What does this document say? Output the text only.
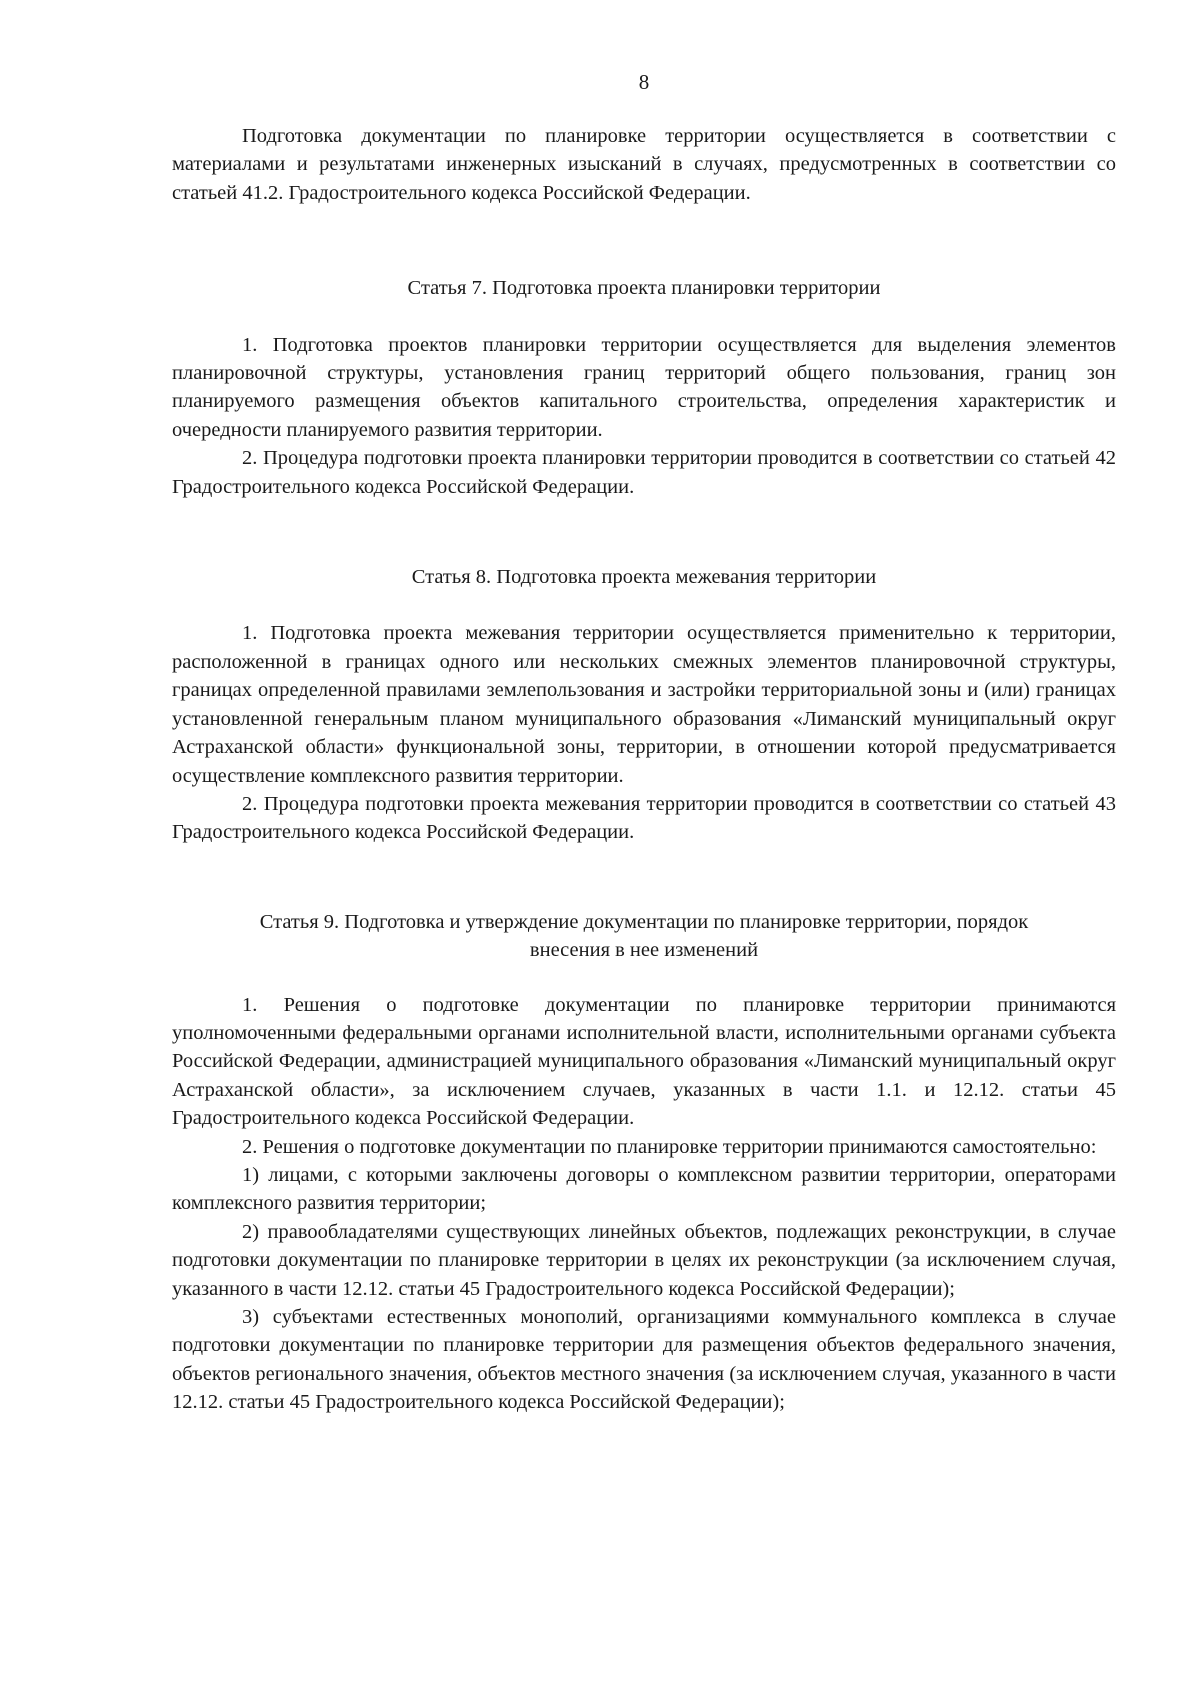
8

Подготовка документации по планировке территории осуществляется в соответствии с материалами и результатами инженерных изысканий в случаях, предусмотренных в соответствии со статьей 41.2. Градостроительного кодекса Российской Федерации.

Статья 7. Подготовка проекта планировки территории

1. Подготовка проектов планировки территории осуществляется для выделения элементов планировочной структуры, установления границ территорий общего пользования, границ зон планируемого размещения объектов капитального строительства, определения характеристик и очередности планируемого развития территории.

2. Процедура подготовки проекта планировки территории проводится в соответствии со статьей 42 Градостроительного кодекса Российской Федерации.

Статья 8. Подготовка проекта межевания территории

1. Подготовка проекта межевания территории осуществляется применительно к территории, расположенной в границах одного или нескольких смежных элементов планировочной структуры, границах определенной правилами землепользования и застройки территориальной зоны и (или) границах установленной генеральным планом муниципального образования «Лиманский муниципальный округ Астраханской области» функциональной зоны, территории, в отношении которой предусматривается осуществление комплексного развития территории.

2. Процедура подготовки проекта межевания территории проводится в соответствии со статьей 43 Градостроительного кодекса Российской Федерации.

Статья 9. Подготовка и утверждение документации по планировке территории, порядок
внесения в нее изменений

1. Решения о подготовке документации по планировке территории принимаются уполномоченными федеральными органами исполнительной власти, исполнительными органами субъекта Российской Федерации, администрацией муниципального образования «Лиманский муниципальный округ Астраханской области», за исключением случаев, указанных в части 1.1. и 12.12. статьи 45 Градостроительного кодекса Российской Федерации.

2. Решения о подготовке документации по планировке территории принимаются самостоятельно:

1) лицами, с которыми заключены договоры о комплексном развитии территории, операторами комплексного развития территории;

2) правообладателями существующих линейных объектов, подлежащих реконструкции, в случае подготовки документации по планировке территории в целях их реконструкции (за исключением случая, указанного в части 12.12. статьи 45 Градостроительного кодекса Российской Федерации);

3) субъектами естественных монополий, организациями коммунального комплекса в случае подготовки документации по планировке территории для размещения объектов федерального значения, объектов регионального значения, объектов местного значения (за исключением случая, указанного в части 12.12. статьи 45 Градостроительного кодекса Российской Федерации);
